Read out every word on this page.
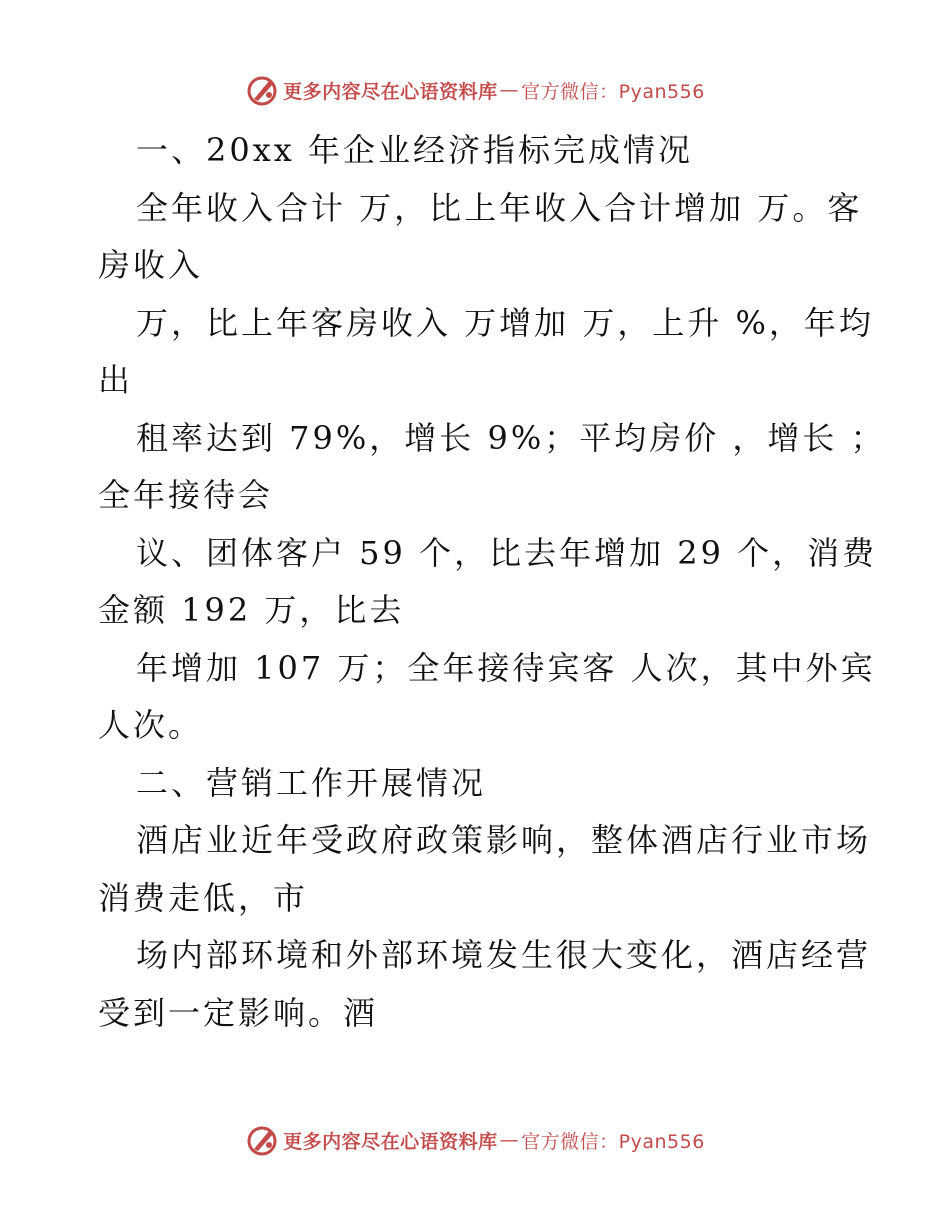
更多内容尽在心语资料库 — 官方微信：Pyan556
一、20xx 年企业经济指标完成情况
全年收入合计 万，比上年收入合计增加 万。客
房收入
万，比上年客房收入 万增加 万，上升 %，年均
出
租率达到 79%，增长 9%；平均房价 ，增长 ；
全年接待会
议、团体客户 59 个，比去年增加 29 个，消费
金额 192 万，比去
年增加 107 万；全年接待宾客 人次，其中外宾
人次。
二、营销工作开展情况
酒店业近年受政府政策影响，整体酒店行业市场
消费走低，市
场内部环境和外部环境发生很大变化，酒店经营
受到一定影响。酒
更多内容尽在心语资料库 — 官方微信：Pyan556
